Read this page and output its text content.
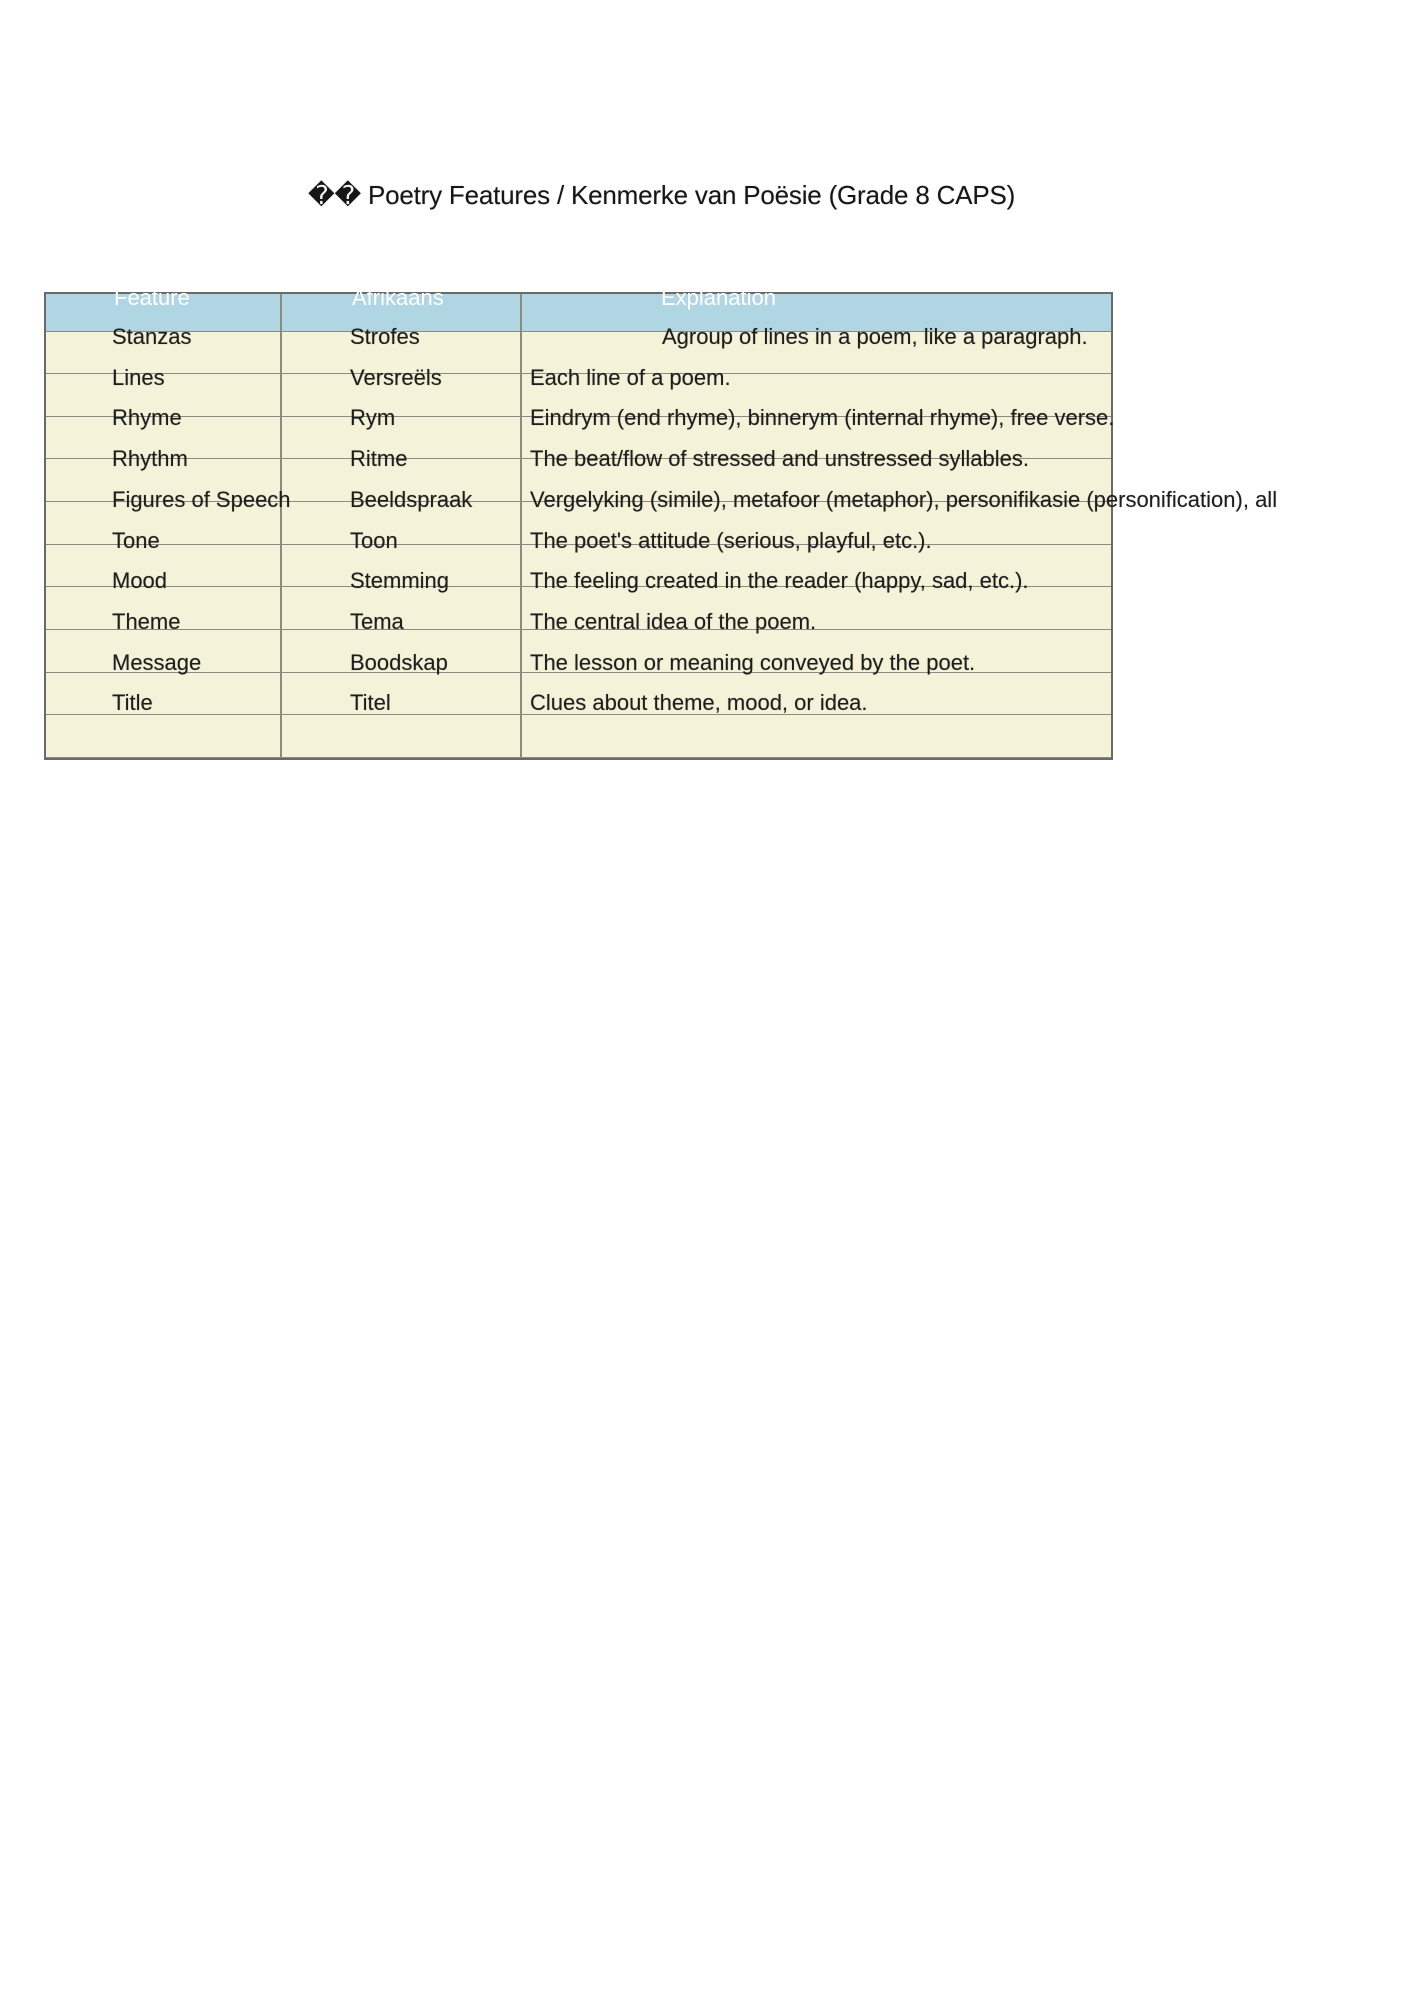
�� Poetry Features / Kenmerke van Poësie (Grade 8 CAPS)
Feature	Afrikaans	Explanation
Stanzas	Strofes	Agroup of lines in a poem, like a paragraph.
Lines	Versreëls	Each line of a poem.
Rhyme	Rym	Eindrym (end rhyme), binnerym (internal rhyme), free verse.
Rhythm	Ritme	The beat/flow of stressed and unstressed syllables.
Figures of Speech	Beeldspraak	Vergelyking (simile), metafoor (metaphor), personifikasie (personification), all
Tone	Toon	The poet's attitude (serious, playful, etc.).
Mood	Stemming	The feeling created in the reader (happy, sad, etc.).
Theme	Tema	The central idea of the poem.
Message	Boodskap	The lesson or meaning conveyed by the poet.
Title	Titel	Clues about theme, mood, or idea.
